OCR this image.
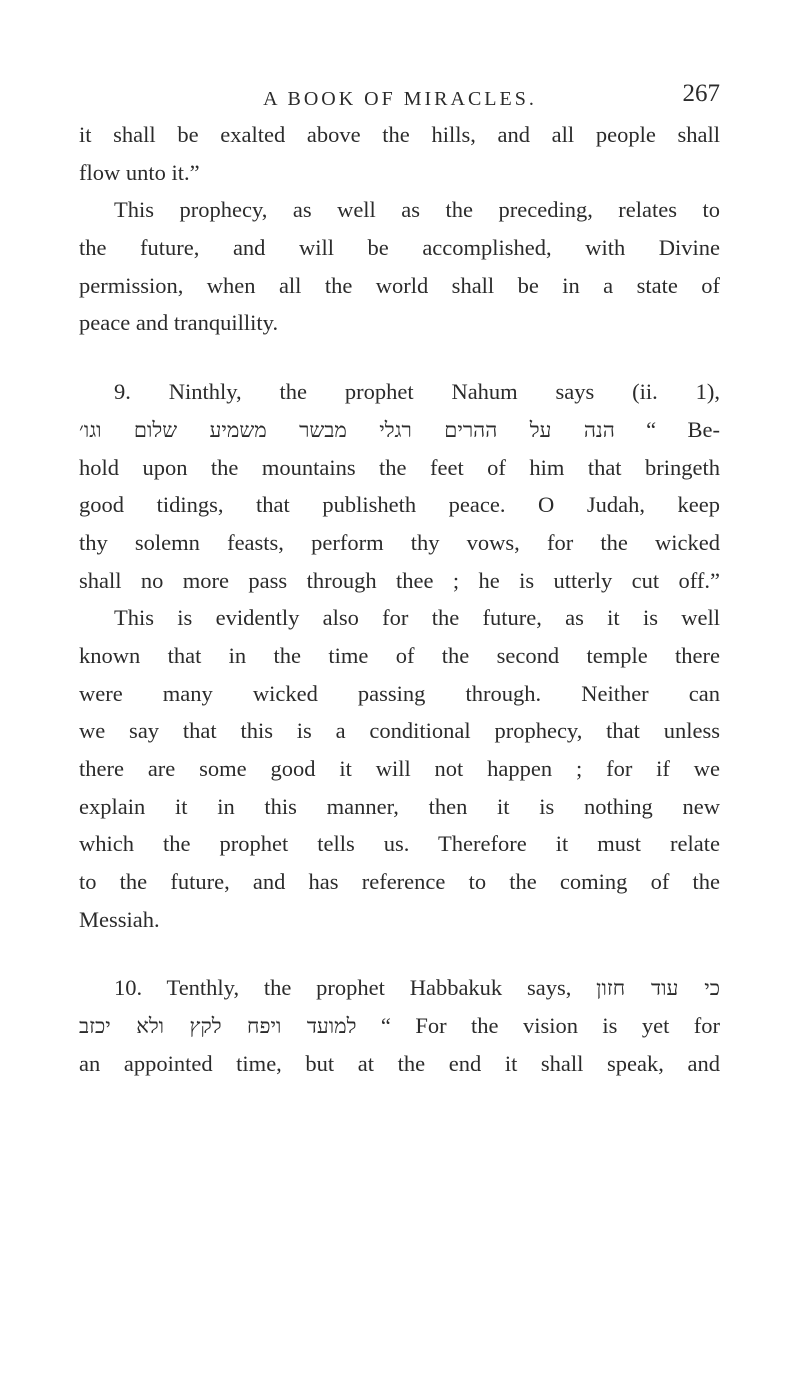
A BOOK OF MIRACLES.	267
it shall be exalted above the hills, and all people shall
flow unto it.”
This prophecy, as well as the preceding, relates to
the future, and will be accomplished, with Divine
permission, when all the world shall be in a state of
peace and tranquillity.
9. Ninthly, the prophet Nahum says (ii. 1),
הנה על ההרים רגלי מבשר משמיע שלום וגו׳ “ Be-
hold upon the mountains the feet of him that bringeth
good tidings, that publisheth peace. O Judah, keep
thy solemn feasts, perform thy vows, for the wicked
shall no more pass through thee ; he is utterly cut off.”
This is evidently also for the future, as it is well
known that in the time of the second temple there
were many wicked passing through. Neither can
we say that this is a conditional prophecy, that unless
there are some good it will not happen ; for if we
explain it in this manner, then it is nothing new
which the prophet tells us. Therefore it must relate
to the future, and has reference to the coming of the
Messiah.
10. Tenthly, the prophet Habbakuk says, כי עוד חזון
למועד ויפח לקץ ולא יכזב “ For the vision is yet for
an appointed time, but at the end it shall speak, and
